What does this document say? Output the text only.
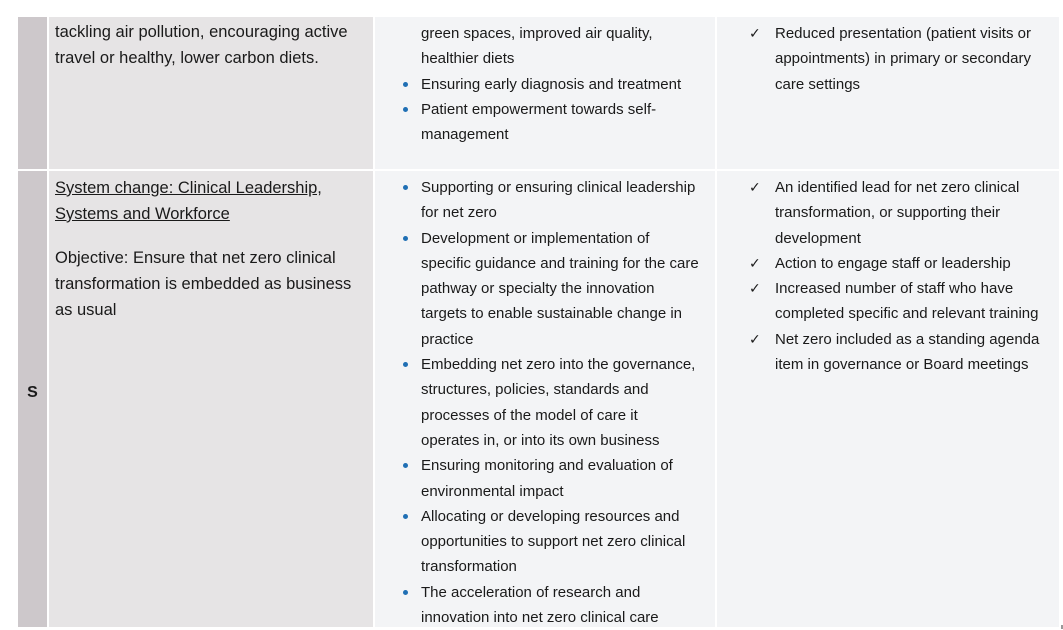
tackling air pollution, encouraging active
travel or healthy, lower carbon diets.
green spaces, improved air quality,
healthier diets
Ensuring early diagnosis and treatment
Patient empowerment towards self-
management
✓ Reduced presentation (patient visits or
appointments) in primary or secondary
care settings
S
System change: Clinical Leadership,
Systems and Workforce
Objective: Ensure that net zero clinical
transformation is embedded as business
as usual
Supporting or ensuring clinical leadership
for net zero
Development or implementation of
specific guidance and training for the care
pathway or specialty the innovation
targets to enable sustainable change in
practice
Embedding net zero into the governance,
structures, policies, standards and
processes of the model of care it
operates in, or into its own business
Ensuring monitoring and evaluation of
environmental impact
Allocating or developing resources and
opportunities to support net zero clinical
transformation
The acceleration of research and
innovation into net zero clinical care
✓ An identified lead for net zero clinical
transformation, or supporting their
development
✓ Action to engage staff or leadership
✓ Increased number of staff who have
completed specific and relevant training
✓ Net zero included as a standing agenda
item in governance or Board meetings
